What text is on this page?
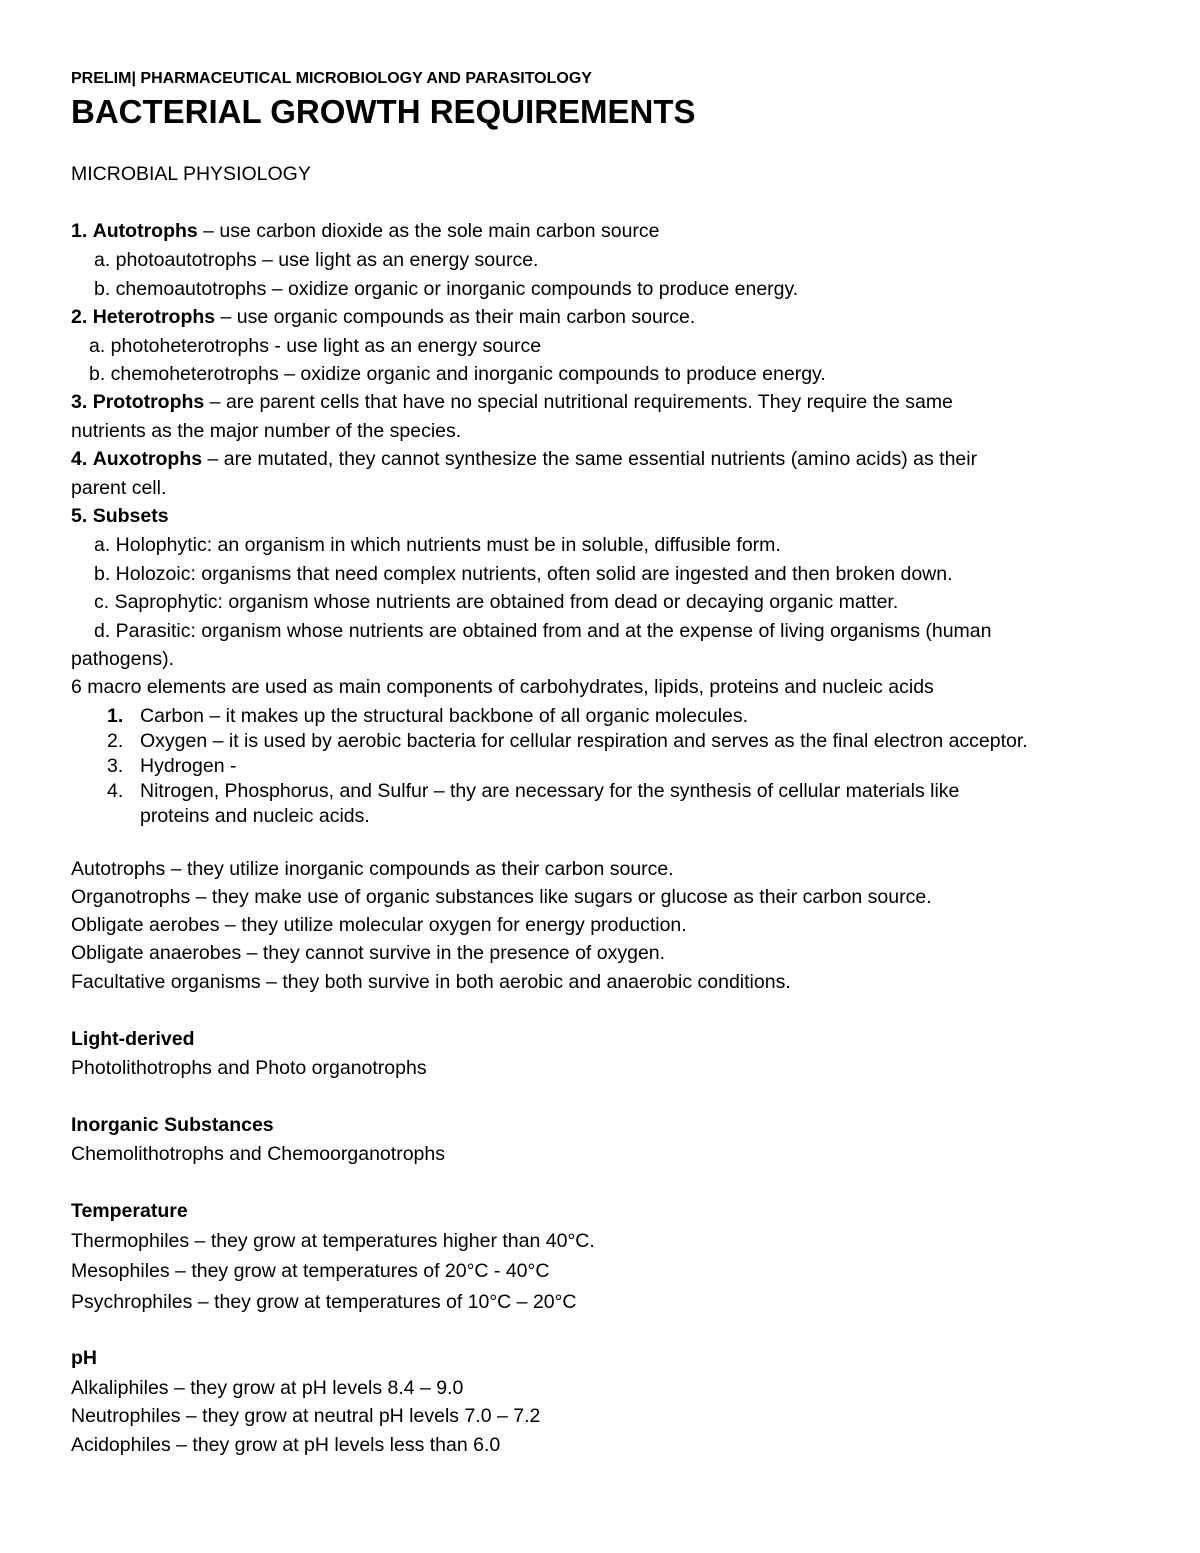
PRELIM| PHARMACEUTICAL MICROBIOLOGY AND PARASITOLOGY
BACTERIAL GROWTH REQUIREMENTS
MICROBIAL PHYSIOLOGY
1. Autotrophs – use carbon dioxide as the sole main carbon source
a. photoautotrophs – use light as an energy source.
b. chemoautotrophs – oxidize organic or inorganic compounds to produce energy.
2. Heterotrophs – use organic compounds as their main carbon source.
a. photoheterotrophs - use light as an energy source
b. chemoheterotrophs – oxidize organic and inorganic compounds to produce energy.
3. Prototrophs – are parent cells that have no special nutritional requirements. They require the same
nutrients as the major number of the species.
4. Auxotrophs – are mutated, they cannot synthesize the same essential nutrients (amino acids) as their
parent cell.
5. Subsets
a. Holophytic: an organism in which nutrients must be in soluble, diffusible form.
b. Holozoic: organisms that need complex nutrients, often solid are ingested and then broken down.
c. Saprophytic: organism whose nutrients are obtained from dead or decaying organic matter.
d. Parasitic: organism whose nutrients are obtained from and at the expense of living organisms (human
pathogens).
6 macro elements are used as main components of carbohydrates, lipids, proteins and nucleic acids
1. Carbon – it makes up the structural backbone of all organic molecules.
2. Oxygen – it is used by aerobic bacteria for cellular respiration and serves as the final electron acceptor.
3. Hydrogen -
4. Nitrogen, Phosphorus, and Sulfur – thy are necessary for the synthesis of cellular materials like
proteins and nucleic acids.
Autotrophs – they utilize inorganic compounds as their carbon source.
Organotrophs – they make use of organic substances like sugars or glucose as their carbon source.
Obligate aerobes – they utilize molecular oxygen for energy production.
Obligate anaerobes – they cannot survive in the presence of oxygen.
Facultative organisms – they both survive in both aerobic and anaerobic conditions.
Light-derived
Photolithotrophs and Photo organotrophs
Inorganic Substances
Chemolithotrophs and Chemoorganotrophs
Temperature
Thermophiles – they grow at temperatures higher than 40°C.
Mesophiles – they grow at temperatures of 20°C - 40°C
Psychrophiles – they grow at temperatures of 10°C – 20°C
pH
Alkaliphiles – they grow at pH levels 8.4 – 9.0
Neutrophiles – they grow at neutral pH levels 7.0 – 7.2
Acidophiles – they grow at pH levels less than 6.0
